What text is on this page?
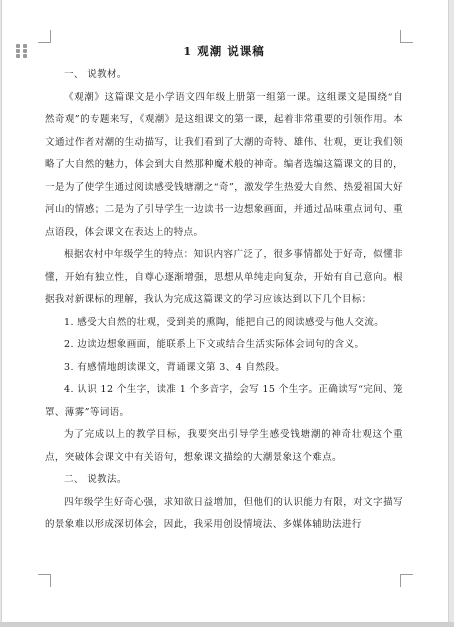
1 观潮 说课稿

一、 说教材。

《观潮》这篇课文是小学语文四年级上册第一组第一课。这组课文是围绕“自然奇观”的专题来写，《观潮》是这组课文的第一课，起着非常重要的引领作用。本文通过作者对潮的生动描写，让我们看到了大潮的奇特、雄伟、壮观，更让我们领略了大自然的魅力，体会到大自然那种魔术般的神奇。编者选编这篇课文的目的，一是为了使学生通过阅读感受钱塘潮之“奇”，激发学生热爱大自然、热爱祖国大好河山的情感；二是为了引导学生一边读书一边想象画面，并通过品味重点词句、重点语段，体会课文在表达上的特点。

根据农村中年级学生的特点：知识内容广泛了，很多事情都处于好奇，似懂非懂，开始有独立性，自尊心逐渐增强，思想从单纯走向复杂，开始有自己意向。根据我对新课标的理解，我认为完成这篇课文的学习应该达到以下几个目标：

1. 感受大自然的壮观，受到美的熏陶，能把自己的阅读感受与他人交流。

2. 边读边想象画面，能联系上下文或结合生活实际体会词句的含义。

3. 有感情地朗读课文，背诵课文第 3、4 自然段。

4. 认识 12 个生字，读准 1 个多音字，会写 15 个生字。正确读写“完间、笼罩、薄雾”等词语。

为了完成以上的教学目标，我要突出引导学生感受钱塘潮的神奇壮观这个重点，突破体会课文中有关语句，想象课文描绘的大潮景象这个难点。

二、 说教法。

四年级学生好奇心强，求知欲日益增加，但他们的认识能力有限，对文字描写的景象难以形成深切体会，因此，我采用创设情境法、多媒体辅助法进行
